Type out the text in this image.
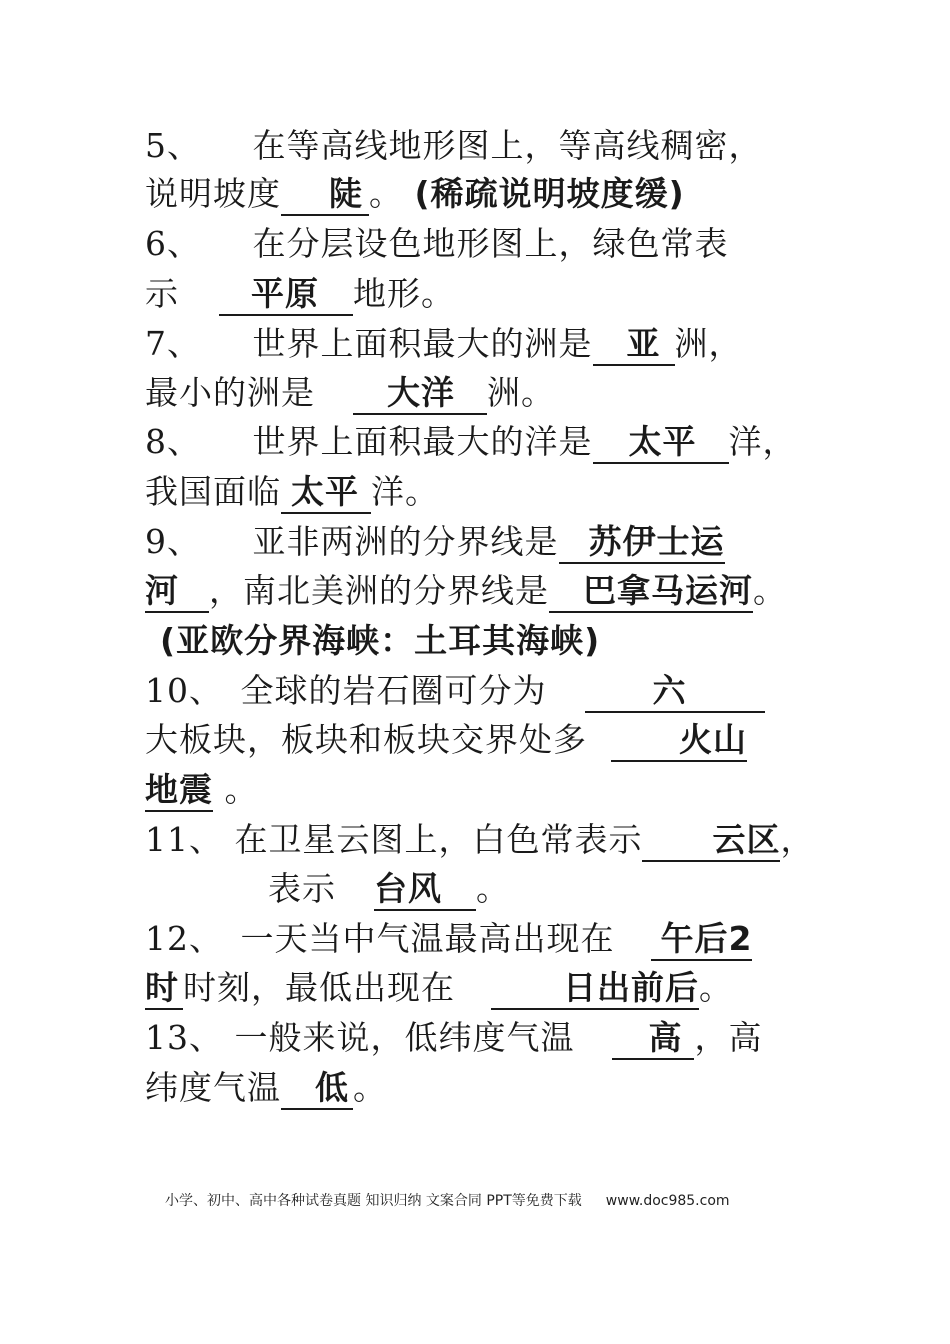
5、　　在等高线地形图上，等高线稠密，
说明坡度 陡 。 (稀疏说明坡度缓)
6、　　在分层设色地形图上，绿色常表
示 平原 地形。
7、　　世界上面积最大的洲是 亚 洲，
最小的洲是 大洋 洲。
8、　　世界上面积最大的洋是 太平 洋，
我国面临 太平 洋。
9、　　亚非两洲的分界线是 苏伊士运
河 ，南北美洲的分界线是 巴拿马运河。
(亚欧分界海峡：土耳其海峡)
10、　全球的岩石圈可分为	六
大板块，板块和板块交界处多	火山
地震 。
11、 在卫星云图上，白色常表示 云区，
表示 台风 。
12、　一天当中气温最高出现在 午后2
时 时刻，最低出现在	日出前后。
13、 一般来说，低纬度气温 高 ，高
纬度气温 低 。
小学、初中、高中各种试卷真题 知识归纳 文案合同 PPT等免费下载 www.doc985.com
